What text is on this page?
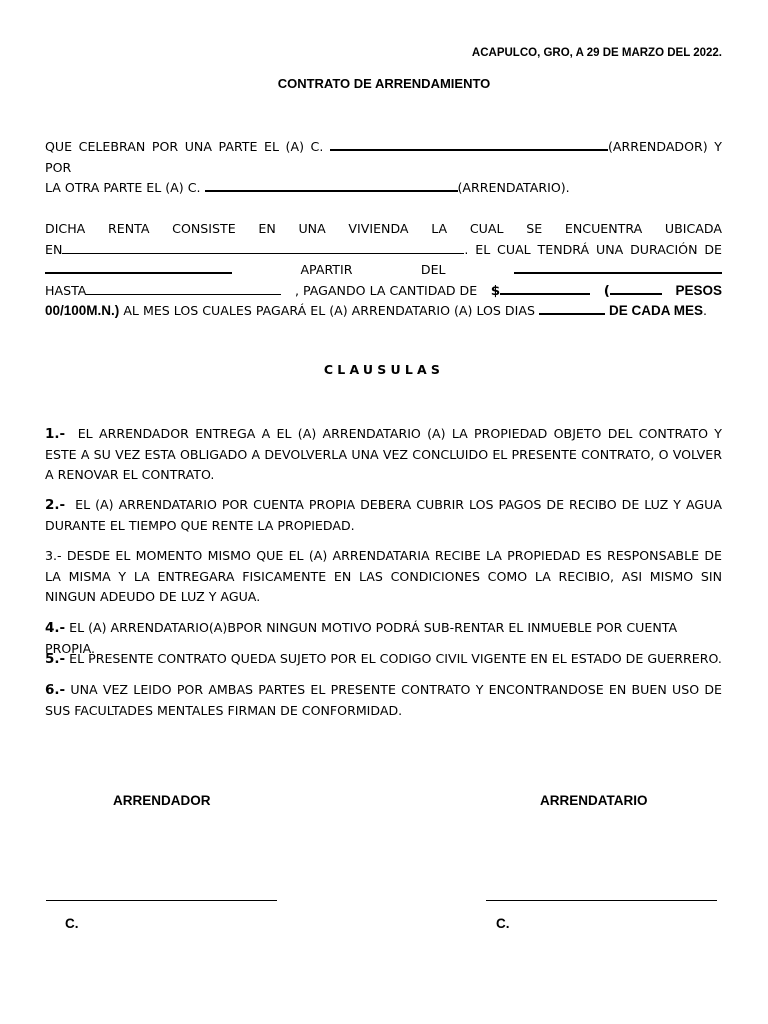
ACAPULCO, GRO, A 29 DE MARZO DEL 2022.
CONTRATO DE ARRENDAMIENTO
QUE CELEBRAN POR UNA PARTE EL (A) C.	(ARRENDADOR) Y POR
LA OTRA PARTE EL (A) C.	(ARRENDATARIO).
DICHA RENTA CONSISTE EN UNA VIVIENDA LA CUAL SE ENCUENTRA UBICADA
EN	. EL CUAL TENDRÁ UNA DURACIÓN DE
APARTIR	DEL
HASTA	, PAGANDO LA CANTIDAD DE $	(	PESOS
00/100M.N.) AL MES LOS CUALES PAGARÁ EL (A) ARRENDATARIO (A) LOS DIAS	DE CADA MES.
CLAUSULAS
1.- EL ARRENDADOR ENTREGA A EL (A) ARRENDATARIO (A) LA PROPIEDAD OBJETO DEL CONTRATO Y ESTE A SU VEZ ESTA OBLIGADO A DEVOLVERLA UNA VEZ CONCLUIDO EL PRESENTE CONTRATO, O VOLVER A RENOVAR EL CONTRATO.
2.- EL (A) ARRENDATARIO POR CUENTA PROPIA DEBERA CUBRIR LOS PAGOS DE RECIBO DE LUZ Y AGUA DURANTE EL TIEMPO QUE RENTE LA PROPIEDAD.
3.- DESDE EL MOMENTO MISMO QUE EL (A) ARRENDATARIA RECIBE LA PROPIEDAD ES RESPONSABLE DE LA MISMA Y LA ENTREGARA FISICAMENTE EN LAS CONDICIONES COMO LA RECIBIO, ASI MISMO SIN NINGUN ADEUDO DE LUZ Y AGUA.
4.- EL (A) ARRENDATARIO(A)BPOR NINGUN MOTIVO PODRÁ SUB-RENTAR EL INMUEBLE POR CUENTA PROPIA.
5.- EL PRESENTE CONTRATO QUEDA SUJETO POR EL CODIGO CIVIL VIGENTE EN EL ESTADO DE GUERRERO.
6.- UNA VEZ LEIDO POR AMBAS PARTES EL PRESENTE CONTRATO Y ENCONTRANDOSE EN BUEN USO DE SUS FACULTADES MENTALES FIRMAN DE CONFORMIDAD.
ARRENDADOR	ARRENDATARIO
C.	C.
